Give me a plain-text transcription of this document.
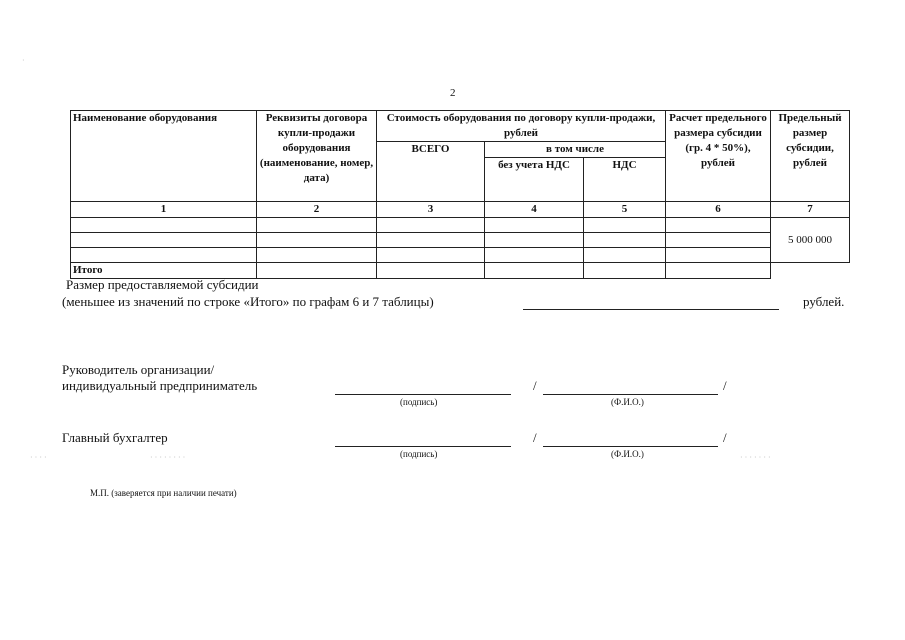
2
Наименование оборудования	Реквизиты договора купли-продажи оборудования (наименование, номер, дата)	Стоимость оборудования по договору купли-продажи, рублей			Расчет предельного размера субсидии (гр. 4 * 50%), рублей	Предельный размер субсидии, рублей
		ВСЕГО	в том числе			
			без учета НДС	НДС		

1	2	3	4	5	6	7
						5 000 000

Итого						
Размер предоставляемой субсидии
(меньшее из значений по строке «Итого» по графам 6 и 7 таблицы)	рублей.
Руководитель организации/
индивидуальный предприниматель	/	/
(подпись)	(Ф.И.О.)
Главный бухгалтер	/	/
(подпись)	(Ф.И.О.)
М.П. (заверяется при наличии печати)
·
· · · ·	· · · · · · · ·	· · · · · · ·
